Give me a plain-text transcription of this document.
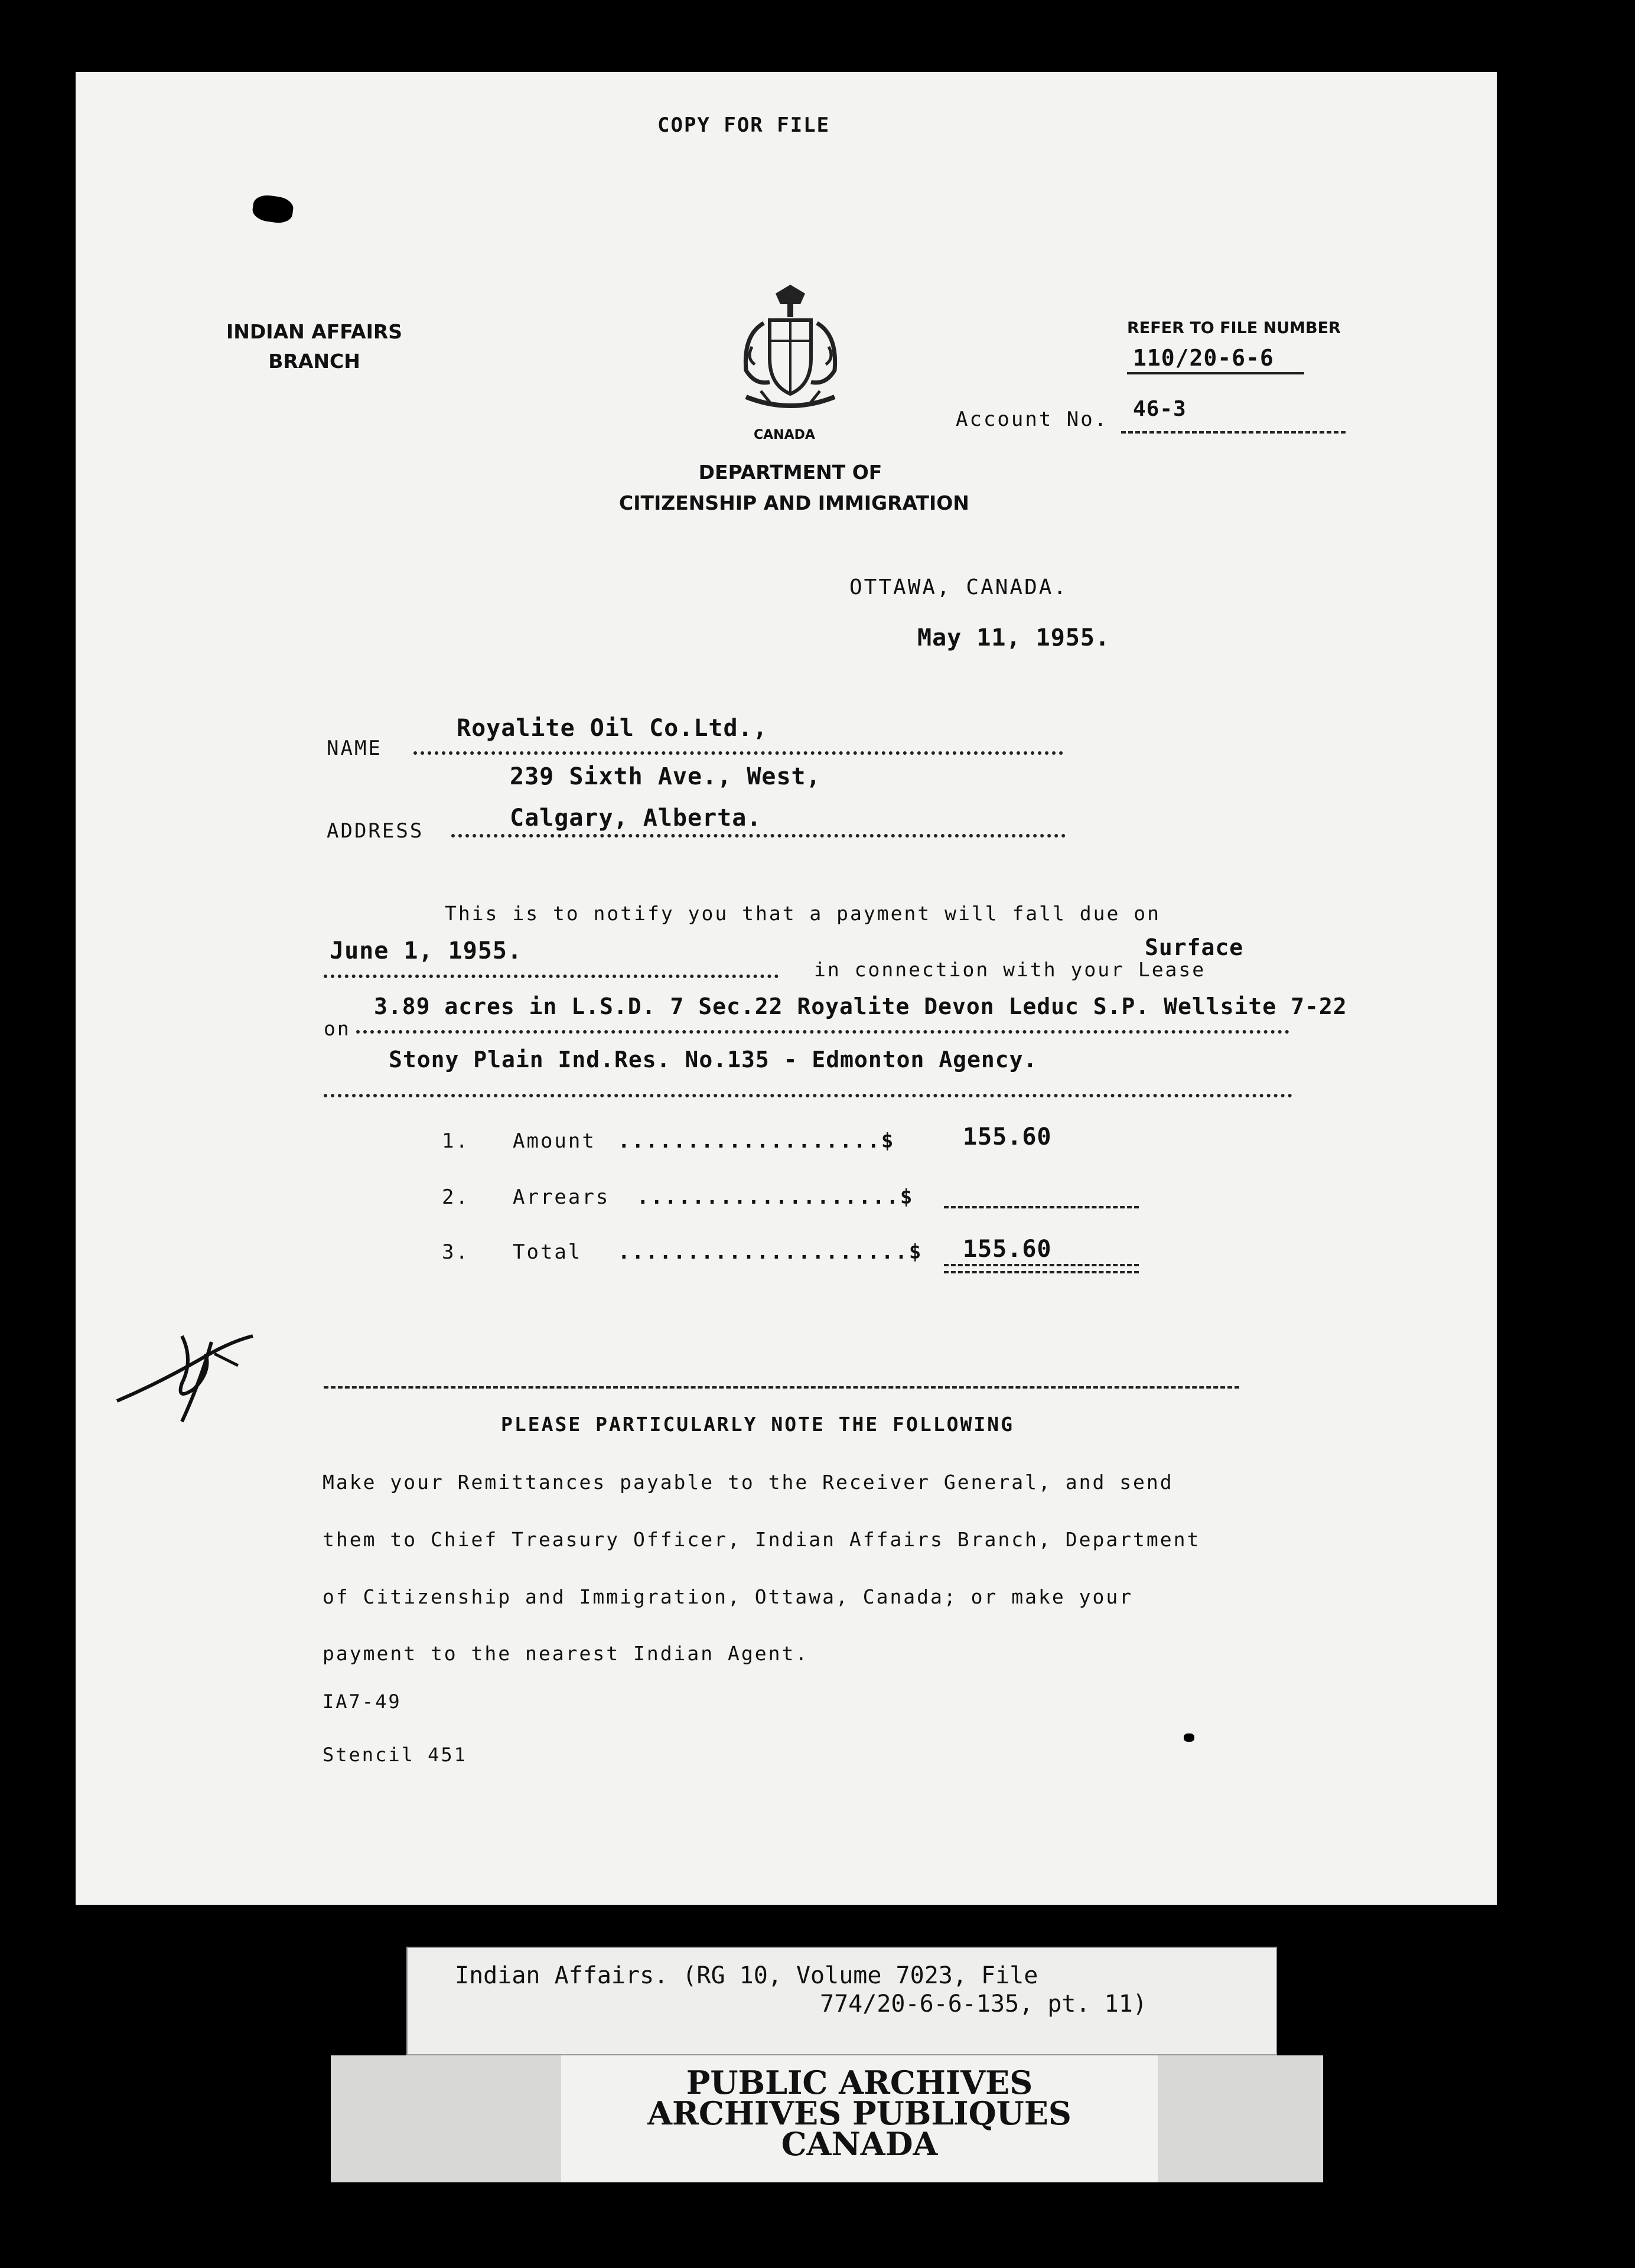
COPY FOR FILE
INDIAN AFFAIRS
BRANCH
CANADA
DEPARTMENT OF
CITIZENSHIP AND IMMIGRATION
REFER TO FILE NUMBER
110/20-6-6
Account No. 46-3
OTTAWA, CANADA.
May 11, 1955.
Royalite Oil Co.Ltd.,
NAME
239 Sixth Ave., West,
Calgary, Alberta.
ADDRESS
This is to notify you that a payment will fall due on
June 1, 1955.	Surface
in connection with your Lease
3.89 acres in L.S.D. 7 Sec.22 Royalite Devon Leduc S.P. Wellsite 7-22
on
Stony Plain Ind.Res. No.135 - Edmonton Agency.
1. Amount ...................$	155.60
2. Arrears ...................$
3. Total .....................$ 155.60
PLEASE PARTICULARLY NOTE THE FOLLOWING
Make your Remittances payable to the Receiver General, and send
them to Chief Treasury Officer, Indian Affairs Branch, Department
of Citizenship and Immigration, Ottawa, Canada; or make your
payment to the nearest Indian Agent.
IA7-49
Stencil 451
Indian Affairs. (RG 10, Volume 7023, File
774/20-6-6-135, pt. 11)
PUBLIC ARCHIVES
ARCHIVES PUBLIQUES
CANADA
